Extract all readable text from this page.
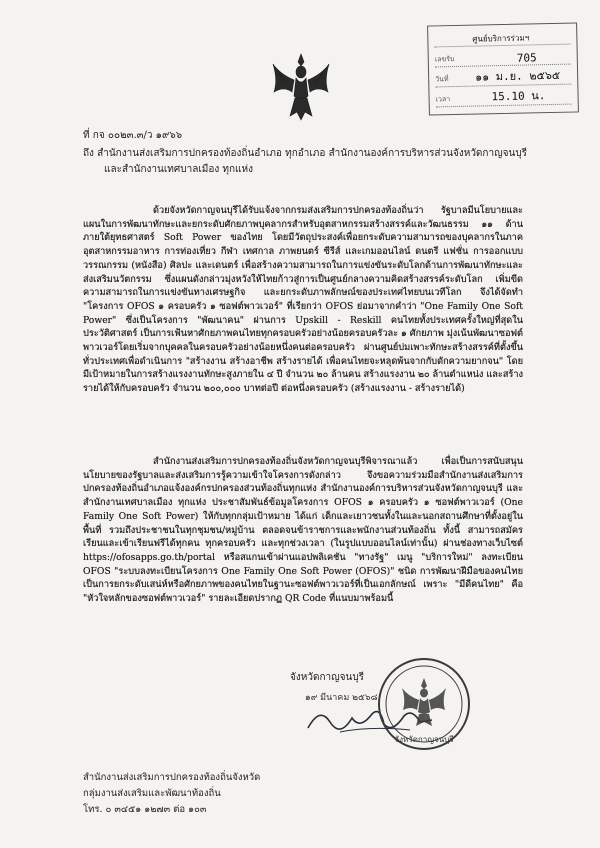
ศูนย์บริการร่วมฯ
เลขรับ	705
วันที่ ๑๑ ม.ย. ๒๕๖๕
เวลา	15.10 น.
ที่ กจ ๐๐๒๓.๓/ว ๑๙๖๖
ถึง สำนักงานส่งเสริมการปกครองท้องถิ่นอำเภอ ทุกอำเภอ สำนักงานองค์การบริหารส่วนจังหวัดกาญจนบุรี
และสำนักงานเทศบาลเมือง ทุกแห่ง
ด้วยจังหวัดกาญจนบุรีได้รับแจ้งจากกรมส่งเสริมการปกครองท้องถิ่นว่า รัฐบาลมีนโยบายและแผนในการพัฒนาทักษะและยกระดับศักยภาพบุคลากรสำหรับอุตสาหกรรมสร้างสรรค์และวัฒนธรรม ๑๑ ด้าน ภายใต้ยุทธศาสตร์ Soft Power ของไทย โดยมีวัตถุประสงค์เพื่อยกระดับความสามารถของบุคลากรในภาคอุตสาหกรรมอาหาร การท่องเที่ยว กีฬา เทศกาล ภาพยนตร์ ซีรีส์ และเกมออนไลน์ ดนตรี แฟชั่น การออกแบบ วรรณกรรม (หนังสือ) ศิลปะ และเดนตร์ เพื่อสร้างความสามารถในการแข่งขันระดับโลกด้านการพัฒนาทักษะและส่งเสริมนวัตกรรม ซึ่งแผนดังกล่าวมุ่งหวังให้ไทยก้าวสู่การเป็นศูนย์กลางความคิดสร้างสรรค์ระดับโลก เพิ่มขีดความสามารถในการแข่งขันทางเศรษฐกิจ และยกระดับภาพลักษณ์ของประเทศไทยบนเวทีโลก จึงได้จัดทำ "โครงการ OFOS ๑ ครอบครัว ๑ ซอฟต์พาวเวอร์" ที่เรียกว่า OFOS ย่อมาจากคำว่า "One Family One Soft Power" ซึ่งเป็นโครงการ "พัฒนาคน" ผ่านการ Upskill - Reskill คนไทยทั้งประเทศครั้งใหญ่ที่สุดในประวัติศาสตร์ เป็นการเฟ้นหาศักยภาพคนไทยทุกครอบครัวอย่างน้อยครอบครัวละ ๑ ศักยภาพ มุ่งเน้นพัฒนาซอฟต์พาวเวอร์โดยเริ่มจากบุคคลในครอบครัวอย่างน้อยหนึ่งคนต่อครอบครัว ผ่านศูนย์บ่มเพาะทักษะสร้างสรรค์ที่ตั้งขึ้นทั่วประเทศเพื่อดำเนินการ "สร้างงาน สร้างอาชีพ สร้างรายได้ เพื่อคนไทยจะหลุดพ้นจากกับดักความยากจน" โดยมีเป้าหมายในการสร้างแรงงานทักษะสูงภายใน ๔ ปี จำนวน ๒๐ ล้านคน สร้างแรงงาน ๒๐ ล้านตำแหน่ง และสร้างรายได้ให้กับครอบครัว จำนวน ๒๐๐,๐๐๐ บาทต่อปี ต่อหนึ่งครอบครัว (สร้างแรงงาน - สร้างรายได้)
สำนักงานส่งเสริมการปกครองท้องถิ่นจังหวัดกาญจนบุรีพิจารณาแล้ว เพื่อเป็นการสนับสนุนนโยบายของรัฐบาลและส่งเสริมการรู้ความเข้าใจโครงการดังกล่าว จึงขอความร่วมมือสำนักงานส่งเสริมการปกครองท้องถิ่นอำเภอแจ้งองค์กรปกครองส่วนท้องถิ่นทุกแห่ง สำนักงานองค์การบริหารส่วนจังหวัดกาญจนบุรี และสำนักงานเทศบาลเมือง ทุกแห่ง ประชาสัมพันธ์ข้อมูลโครงการ OFOS ๑ ครอบครัว ๑ ซอฟต์พาวเวอร์ (One Family One Soft Power) ให้กับทุกกลุ่มเป้าหมาย ได้แก่ เด็กและเยาวชนทั้งในและนอกสถานศึกษาที่ตั้งอยู่ในพื้นที่ รวมถึงประชาชนในทุกชุมชน/หมู่บ้าน ตลอดจนข้าราชการและพนักงานส่วนท้องถิ่น ทั้งนี้ สามารถสมัครเรียนและเข้าเรียนฟรีได้ทุกคน ทุกครอบครัว และทุกช่วงเวลา (ในรูปแบบออนไลน์เท่านั้น) ผ่านช่องทางเว็บไซต์ https://ofosapps.go.th/portal หรือสแกนเข้าผ่านแอปพลิเคชัน "ทางรัฐ" เมนู "บริการใหม่" ลงทะเบียน OFOS "ระบบลงทะเบียนโครงการ One Family One Soft Power (OFOS)" ชนิด การพัฒนาฝีมือของคนไทยเป็นการยกระดับเสน่ห์หรือศักยภาพของคนไทยในฐานะซอฟต์พาวเวอร์ที่เป็นเอกลักษณ์ เพราะ "มีดีคนไทย" คือ "หัวใจหลักของซอฟต์พาวเวอร์" รายละเอียดปรากฏ QR Code ที่แนบมาพร้อมนี้
จังหวัดกาญจนบุรี
๑๙ มีนาคม ๒๕๖๘
จังหวัดกาญจนบุรี
สำนักงานส่งเสริมการปกครองท้องถิ่นจังหวัด
กลุ่มงานส่งเสริมและพัฒนาท้องถิ่น
โทร. ๐ ๓๔๕๑ ๑๒๗๓ ต่อ ๑๐๓
